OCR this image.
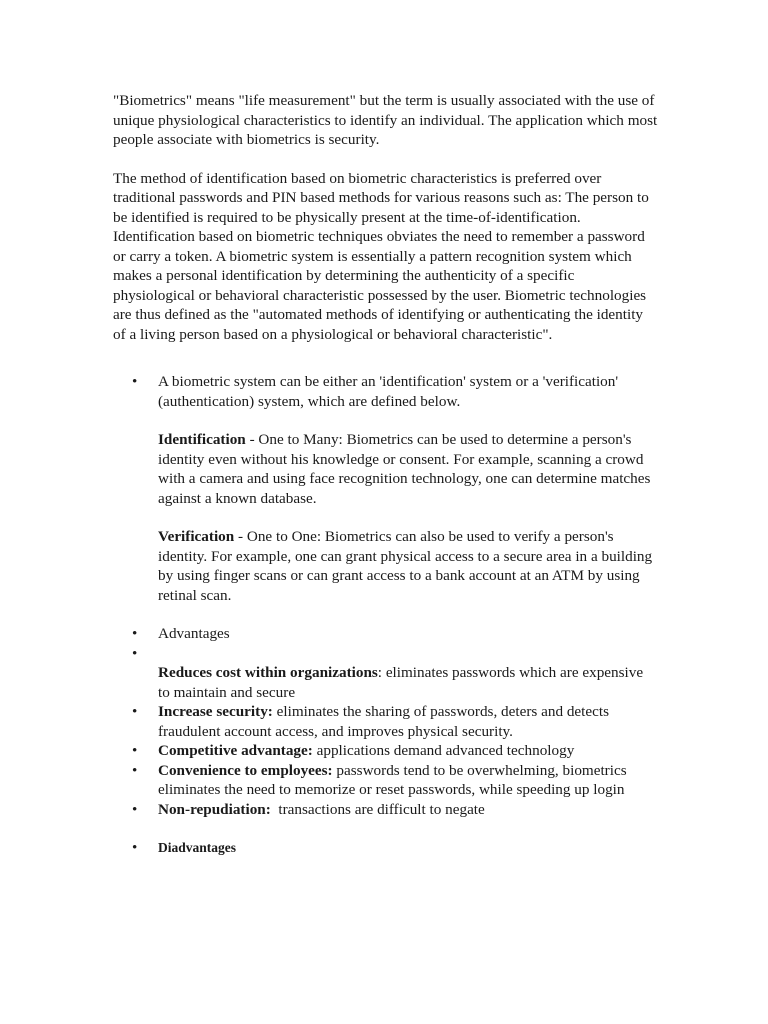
"Biometrics" means "life measurement" but the term is usually associated with the use of unique physiological characteristics to identify an individual. The application which most people associate with biometrics is security.

The method of identification based on biometric characteristics is preferred over traditional passwords and PIN based methods for various reasons such as: The person to be identified is required to be physically present at the time-of-identification. Identification based on biometric techniques obviates the need to remember a password or carry a token. A biometric system is essentially a pattern recognition system which makes a personal identification by determining the authenticity of a specific physiological or behavioral characteristic possessed by the user. Biometric technologies are thus defined as the "automated methods of identifying or authenticating the identity of a living person based on a physiological or behavioral characteristic".

• A biometric system can be either an 'identification' system or a 'verification' (authentication) system, which are defined below.

Identification - One to Many: Biometrics can be used to determine a person's identity even without his knowledge or consent. For example, scanning a crowd with a camera and using face recognition technology, one can determine matches against a known database.

Verification - One to One: Biometrics can also be used to verify a person's identity. For example, one can grant physical access to a secure area in a building by using finger scans or can grant access to a bank account at an ATM by using retinal scan.

• Advantages

•

Reduces cost within organizations: eliminates passwords which are expensive to maintain and secure

• Increase security: eliminates the sharing of passwords, deters and detects fraudulent account access, and improves physical security.

• Competitive advantage: applications demand advanced technology

• Convenience to employees: passwords tend to be overwhelming, biometrics eliminates the need to memorize or reset passwords, while speeding up login

• Non-repudiation:  transactions are difficult to negate

• Diadvantages
